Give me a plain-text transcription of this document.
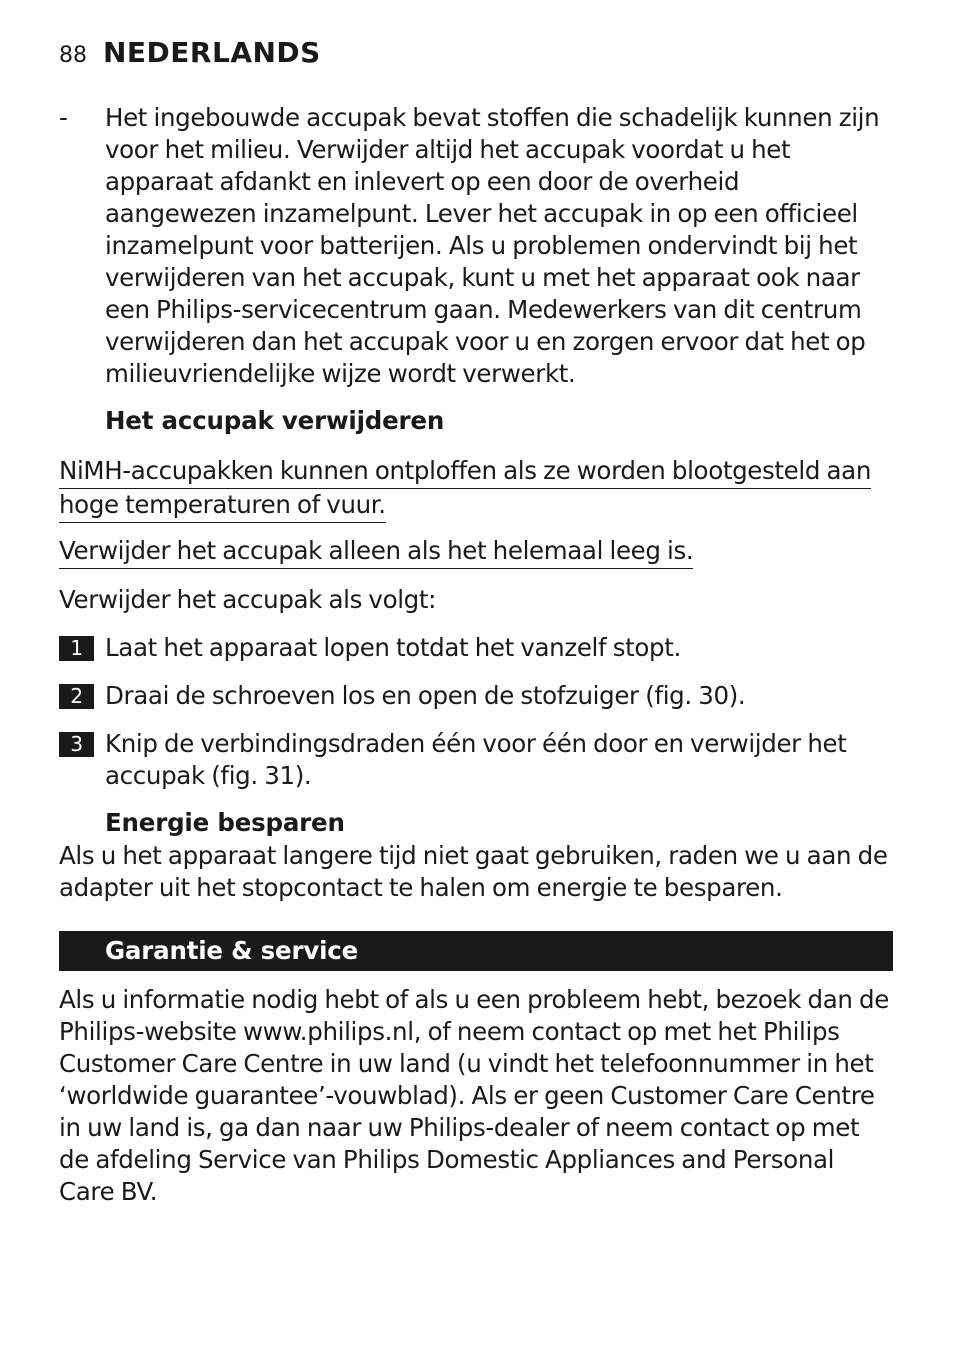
88 NEDERLANDS
- Het ingebouwde accupak bevat stoffen die schadelijk kunnen zijn voor het milieu. Verwijder altijd het accupak voordat u het apparaat afdankt en inlevert op een door de overheid aangewezen inzamelpunt. Lever het accupak in op een officieel inzamelpunt voor batterijen. Als u problemen ondervindt bij het verwijderen van het accupak, kunt u met het apparaat ook naar een Philips-servicecentrum gaan. Medewerkers van dit centrum verwijderen dan het accupak voor u en zorgen ervoor dat het op milieuvriendelijke wijze wordt verwerkt.
Het accupak verwijderen
NiMH-accupakken kunnen ontploffen als ze worden blootgesteld aan
hoge temperaturen of vuur.
Verwijder het accupak alleen als het helemaal leeg is.
Verwijder het accupak als volgt:
1 Laat het apparaat lopen totdat het vanzelf stopt.
2 Draai de schroeven los en open de stofzuiger (fig. 30).
3 Knip de verbindingsdraden één voor één door en verwijder het accupak (fig. 31).
Energie besparen
Als u het apparaat langere tijd niet gaat gebruiken, raden we u aan de adapter uit het stopcontact te halen om energie te besparen.
Garantie & service
Als u informatie nodig hebt of als u een probleem hebt, bezoek dan de Philips-website www.philips.nl, of neem contact op met het Philips Customer Care Centre in uw land (u vindt het telefoonnummer in het ‘worldwide guarantee’-vouwblad). Als er geen Customer Care Centre in uw land is, ga dan naar uw Philips-dealer of neem contact op met de afdeling Service van Philips Domestic Appliances and Personal Care BV.
